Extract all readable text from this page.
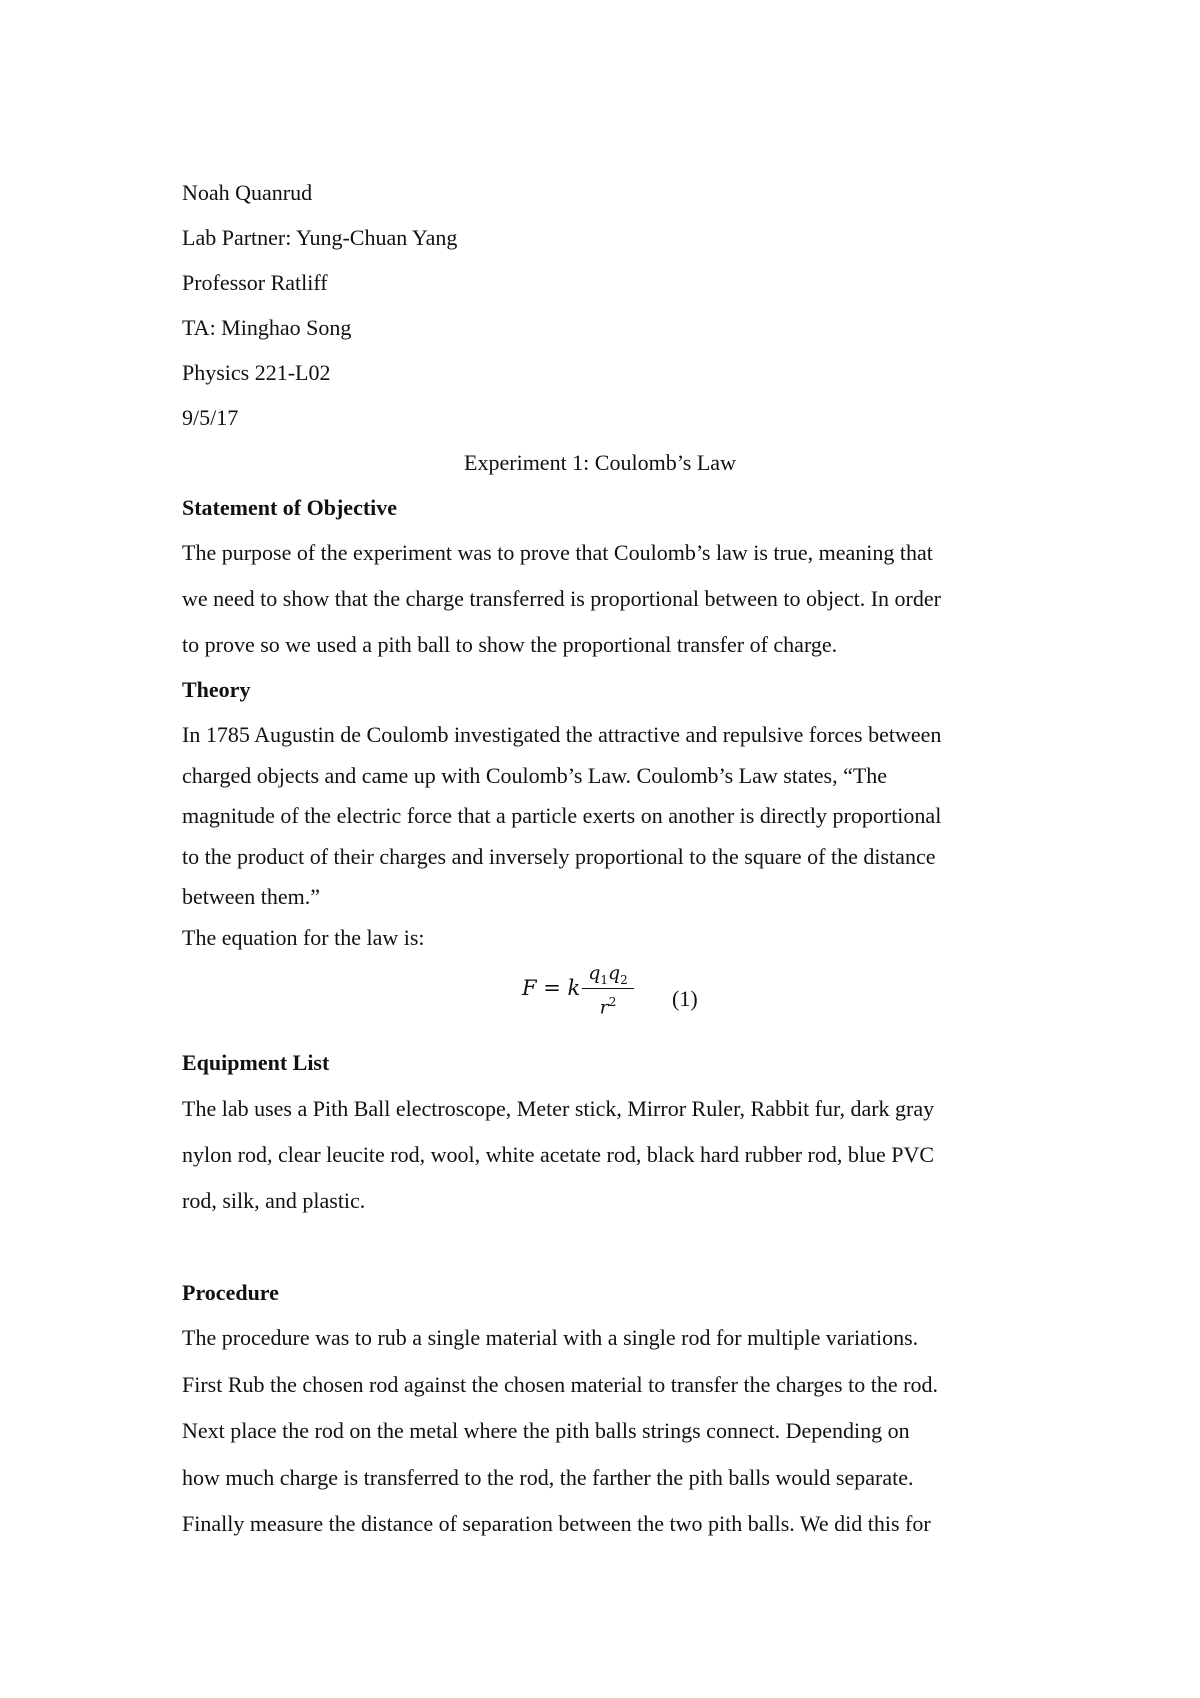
Noah Quanrud
Lab Partner: Yung-Chuan Yang
Professor Ratliff
TA: Minghao Song
Physics 221-L02
9/5/17
Experiment 1: Coulomb’s Law
Statement of Objective
The purpose of the experiment was to prove that Coulomb’s law is true, meaning that
we need to show that the charge transferred is proportional between to object. In order
to prove so we used a pith ball to show the proportional transfer of charge.
Theory
In 1785 Augustin de Coulomb investigated the attractive and repulsive forces between
charged objects and came up with Coulomb’s Law. Coulomb’s Law states, “The
magnitude of the electric force that a particle exerts on another is directly proportional
to the product of their charges and inversely proportional to the square of the distance
between them.”
The equation for the law is:
F = k
$q_1q_2$
$r^2$	(1)
Equipment List
The lab uses a Pith Ball electroscope, Meter stick, Mirror Ruler, Rabbit fur, dark gray
nylon rod, clear leucite rod, wool, white acetate rod, black hard rubber rod, blue PVC
rod, silk, and plastic.
Procedure
The procedure was to rub a single material with a single rod for multiple variations.
First Rub the chosen rod against the chosen material to transfer the charges to the rod.
Next place the rod on the metal where the pith balls strings connect. Depending on
how much charge is transferred to the rod, the farther the pith balls would separate.
Finally measure the distance of separation between the two pith balls. We did this for
